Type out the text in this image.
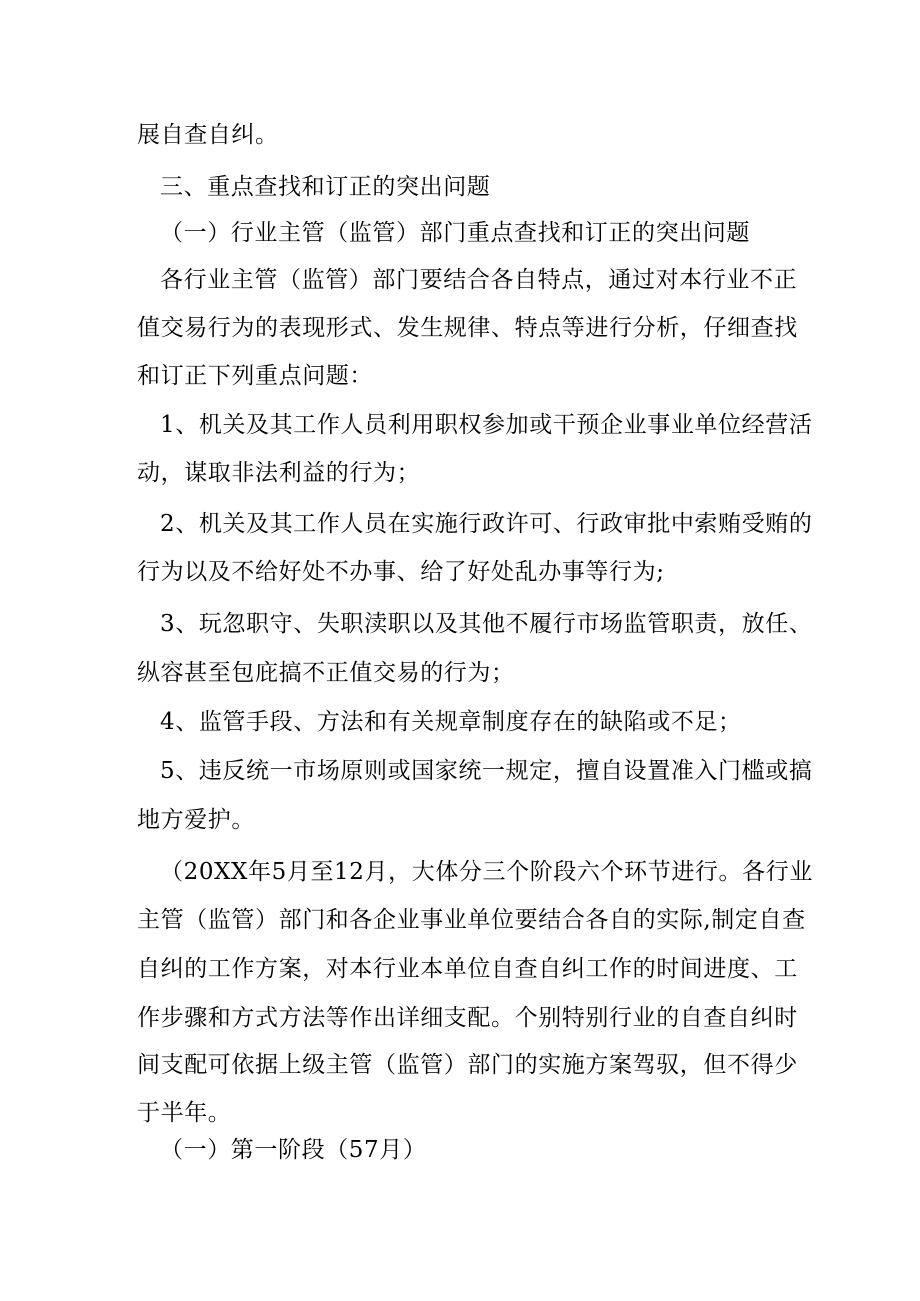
展自查自纠。
三、重点查找和订正的突出问题
（一）行业主管（监管）部门重点查找和订正的突出问题
各行业主管（监管）部门要结合各自特点，通过对本行业不正
值交易行为的表现形式、发生规律、特点等进行分析，仔细查找
和订正下列重点问题：
1、机关及其工作人员利用职权参加或干预企业事业单位经营活
动，谋取非法利益的行为；
2、机关及其工作人员在实施行政许可、行政审批中索贿受贿的
行为以及不给好处不办事、给了好处乱办事等行为;
3、玩忽职守、失职渎职以及其他不履行市场监管职责，放任、
纵容甚至包庇搞不正值交易的行为；
4、监管手段、方法和有关规章制度存在的缺陷或不足；
5、违反统一市场原则或国家统一规定，擅自设置准入门槛或搞
地方爱护。
（20XX年5月至12月，大体分三个阶段六个环节进行。各行业
主管（监管）部门和各企业事业单位要结合各自的实际,制定自查
自纠的工作方案，对本行业本单位自查自纠工作的时间进度、工
作步骤和方式方法等作出详细支配。个别特别行业的自查自纠时
间支配可依据上级主管（监管）部门的实施方案驾驭，但不得少
于半年。
（一）第一阶段（57月）
